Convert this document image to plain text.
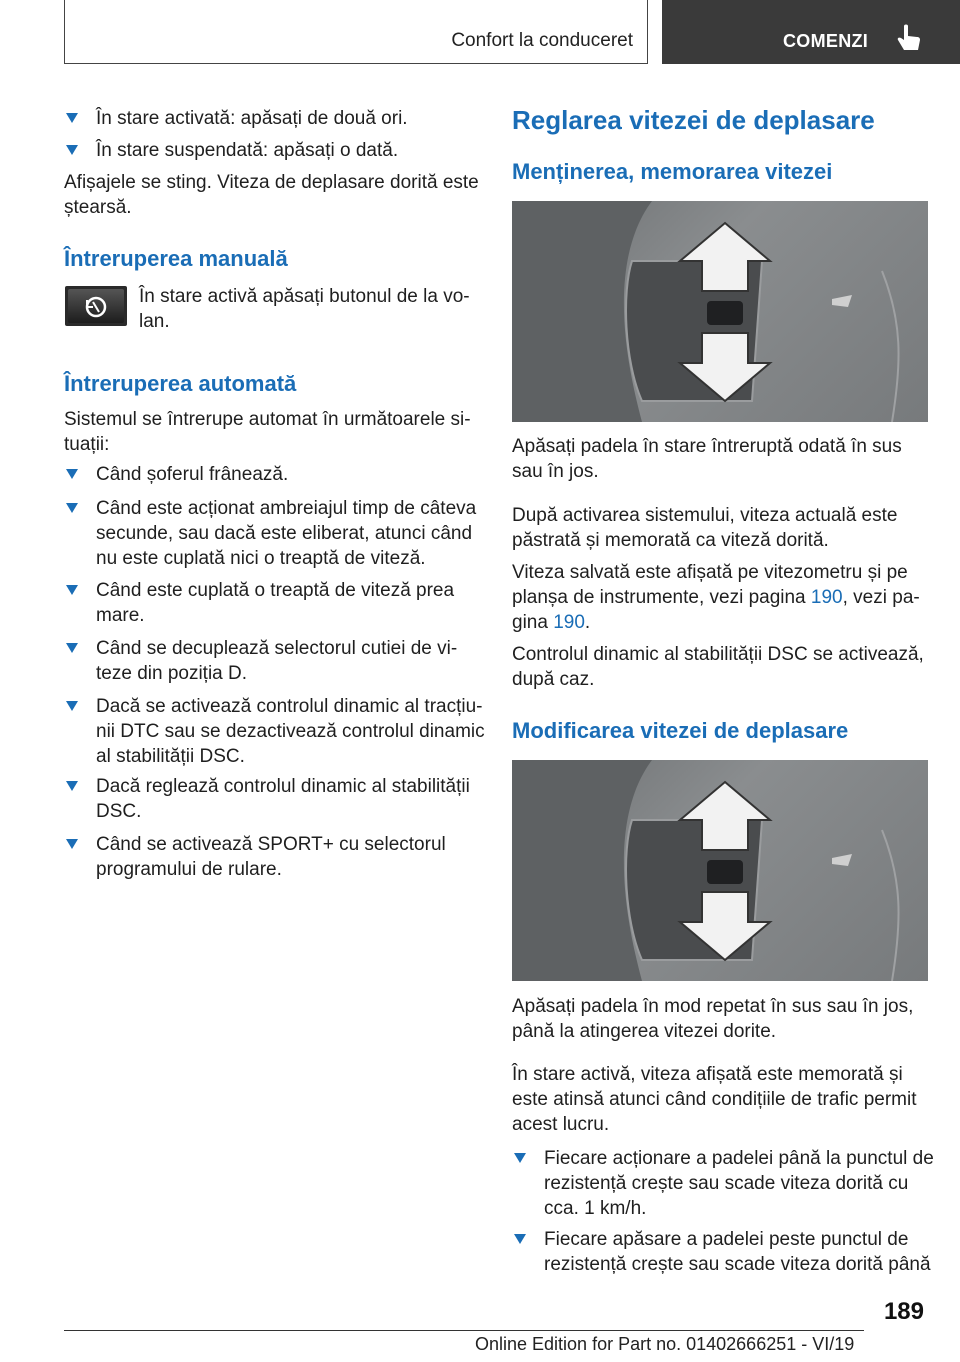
Confort la conduceret	COMENZI

În stare activată: apăsați de două ori.

În stare suspendată: apăsați o dată.

Afișajele se sting. Viteza de deplasare dorită este

ștearsă.

Întreruperea manuală

În stare activă apăsați butonul de la vo-

lan.

Întreruperea automată

Sistemul se întrerupe automat în următoarele si-

tuații:

Când șoferul frânează.

Când este acționat ambreiajul timp de câteva

secunde, sau dacă este eliberat, atunci când

nu este cuplată nici o treaptă de viteză.

Când este cuplată o treaptă de viteză prea

mare.

Când se decuplează selectorul cutiei de vi-

teze din poziția D.

Dacă se activează controlul dinamic al tracțiu-

nii DTC sau se dezactivează controlul dinamic

al stabilității DSC.

Dacă reglează controlul dinamic al stabilității

DSC.

Când se activează SPORT+ cu selectorul

programului de rulare.

Reglarea vitezei de deplasare
Menținerea, memorarea vitezei

Apăsați padela în stare întreruptă odată în sus

sau în jos.

După activarea sistemului, viteza actuală este

păstrată și memorată ca viteză dorită.

Viteza salvată este afișată pe vitezometru și pe

planșa de instrumente, vezi pagina 190, vezi pa-

gina 190.

Controlul dinamic al stabilității DSC se activează,

după caz.

Modificarea vitezei de deplasare

Apăsați padela în mod repetat în sus sau în jos,

până la atingerea vitezei dorite.

În stare activă, viteza afișată este memorată și

este atinsă atunci când condițiile de trafic permit

acest lucru.

Fiecare acționare a padelei până la punctul de

rezistență crește sau scade viteza dorită cu

cca. 1 km/h.

Fiecare apăsare a padelei peste punctul de

rezistență crește sau scade viteza dorită până

189
Online Edition for Part no. 01402666251 - VI/19
